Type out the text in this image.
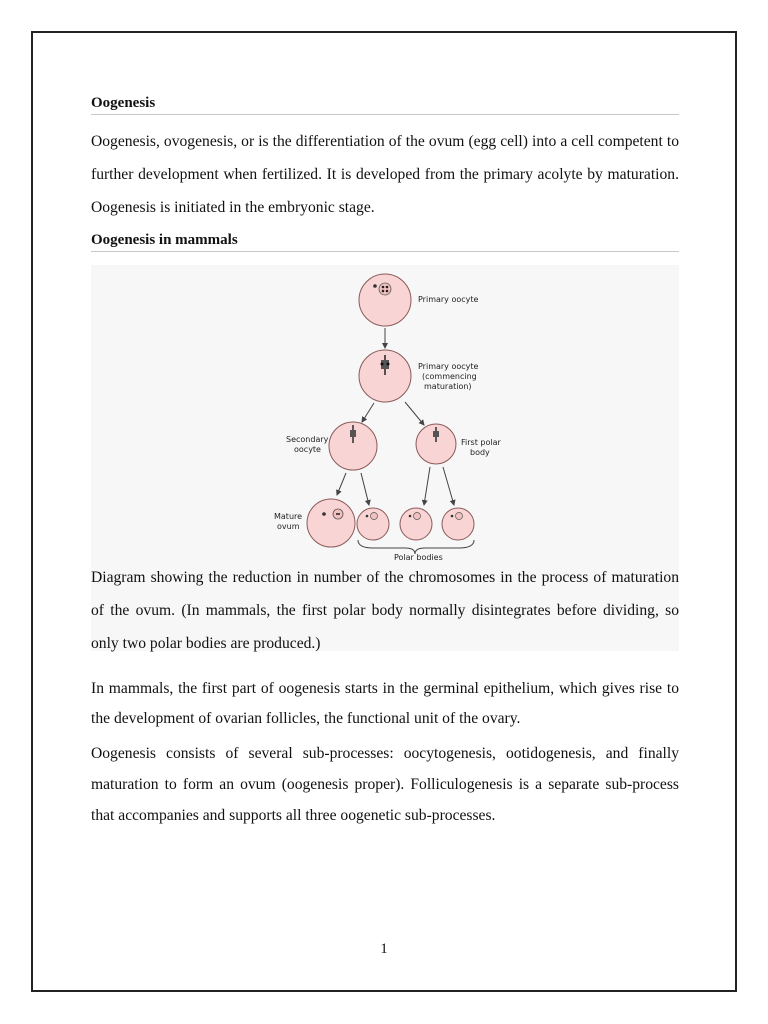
Oogenesis

Oogenesis, ovogenesis, or is the differentiation of the ovum (egg cell) into a cell competent to further development when fertilized. It is developed from the primary acolyte by maturation. Oogenesis is initiated in the embryonic stage.

Oogenesis in mammals
Primary oocyte
Primary oocyte
(commencing
maturation)
Secondary
oocyte
First polar
body
Mature
ovum
Polar bodies

Diagram showing the reduction in number of the chromosomes in the process of maturation of the ovum. (In mammals, the first polar body normally disintegrates before dividing, so only two polar bodies are produced.)

In mammals, the first part of oogenesis starts in the germinal epithelium, which gives rise to the development of ovarian follicles, the functional unit of the ovary.

Oogenesis consists of several sub-processes: oocytogenesis, ootidogenesis, and finally maturation to form an ovum (oogenesis proper). Folliculogenesis is a separate sub-process that accompanies and supports all three oogenetic sub-processes.

1
